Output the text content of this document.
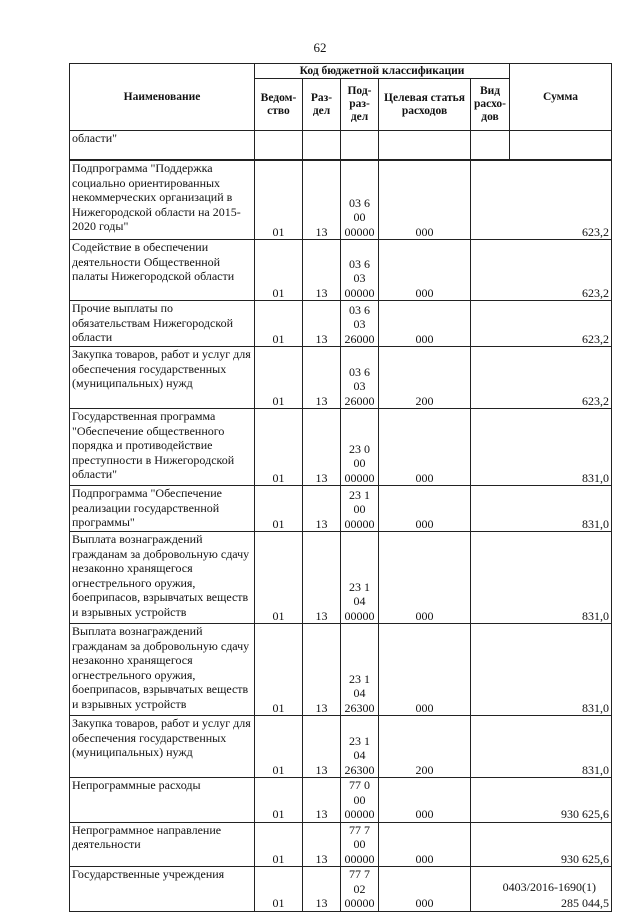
62
Наименование	Код бюджетной классификации					Сумма
	Ведом-ство	Раз-дел	Под-раз-дел	Целевая статья расходов	Вид расхо-дов	
области"						

Подпрограмма "Поддержка социально ориентированных некоммерческих организаций в Нижегородской области на 2015-2020 годы"	01	13	03 6 00 00000	000	623,2	
Содействие в обеспечении деятельности Общественной палаты Нижегородской области	01	13	03 6 03 00000	000	623,2	
Прочие выплаты по обязательствам Нижегородской области	01	13	03 6 03 26000	000	623,2	
Закупка товаров, работ и услуг для обеспечения государственных (муниципальных) нужд	01	13	03 6 03 26000	200	623,2	
Государственная программа "Обеспечение общественного порядка и противодействие преступности в Нижегородской области"	01	13	23 0 00 00000	000	831,0	
Подпрограмма "Обеспечение реализации государственной программы"	01	13	23 1 00 00000	000	831,0	
Выплата вознаграждений гражданам за добровольную сдачу незаконно хранящегося огнестрельного оружия, боеприпасов, взрывчатых веществ и взрывных устройств	01	13	23 1 04 00000	000	831,0	
Выплата вознаграждений гражданам за добровольную сдачу незаконно хранящегося огнестрельного оружия, боеприпасов, взрывчатых веществ и взрывных устройств	01	13	23 1 04 26300	000	831,0	
Закупка товаров, работ и услуг для обеспечения государственных (муниципальных) нужд	01	13	23 1 04 26300	200	831,0	
Непрограммные расходы	01	13	77 0 00 00000	000	930 625,6	
Непрограммное направление деятельности	01	13	77 7 00 00000	000	930 625,6	
Государственные учреждения	01	13	77 7 02 00000	000	285 044,5	
0403/2016-1690(1)
